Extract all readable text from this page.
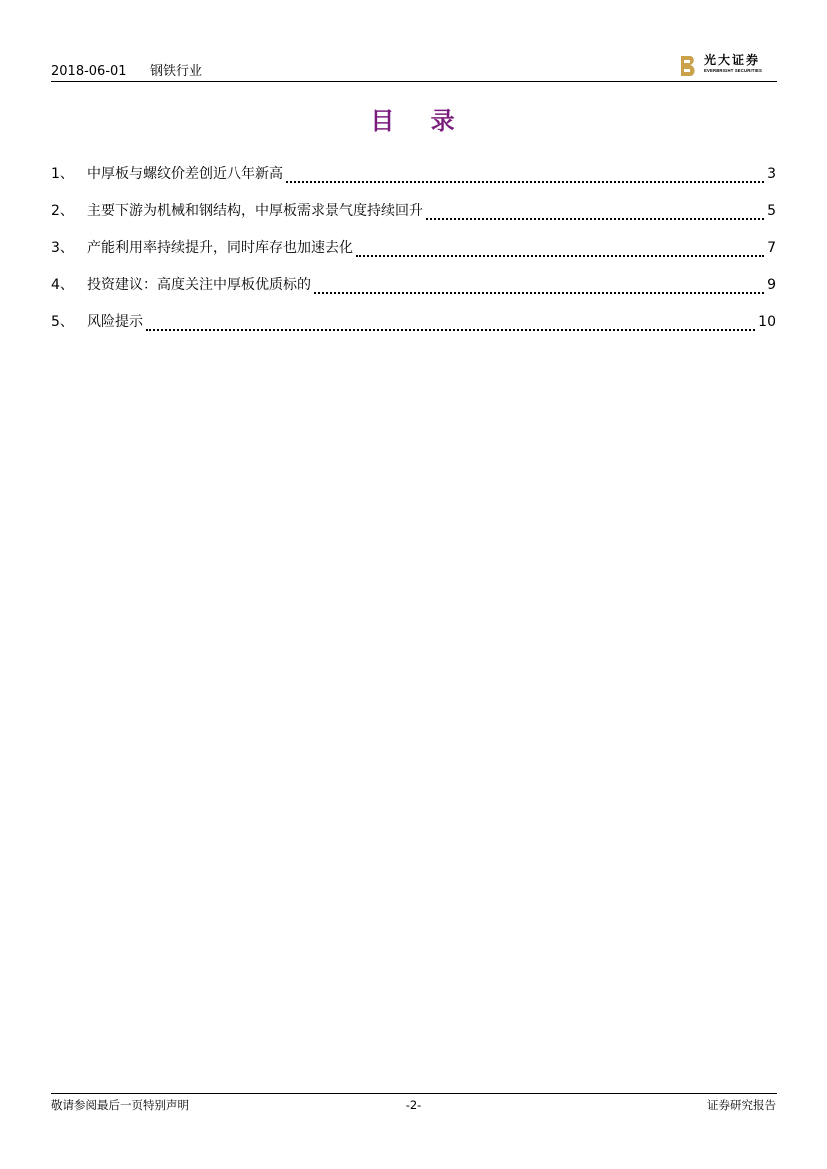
2018-06-01 钢铁行业
光大证券
EVERBRIGHT SECURITIES
目 录
1、 中厚板与螺纹价差创近八年新高	3
2、 主要下游为机械和钢结构，中厚板需求景气度持续回升	5
3、 产能利用率持续提升，同时库存也加速去化	7
4、 投资建议：高度关注中厚板优质标的	9
5、 风险提示	10
敬请参阅最后一页特别声明	-2-	证券研究报告
